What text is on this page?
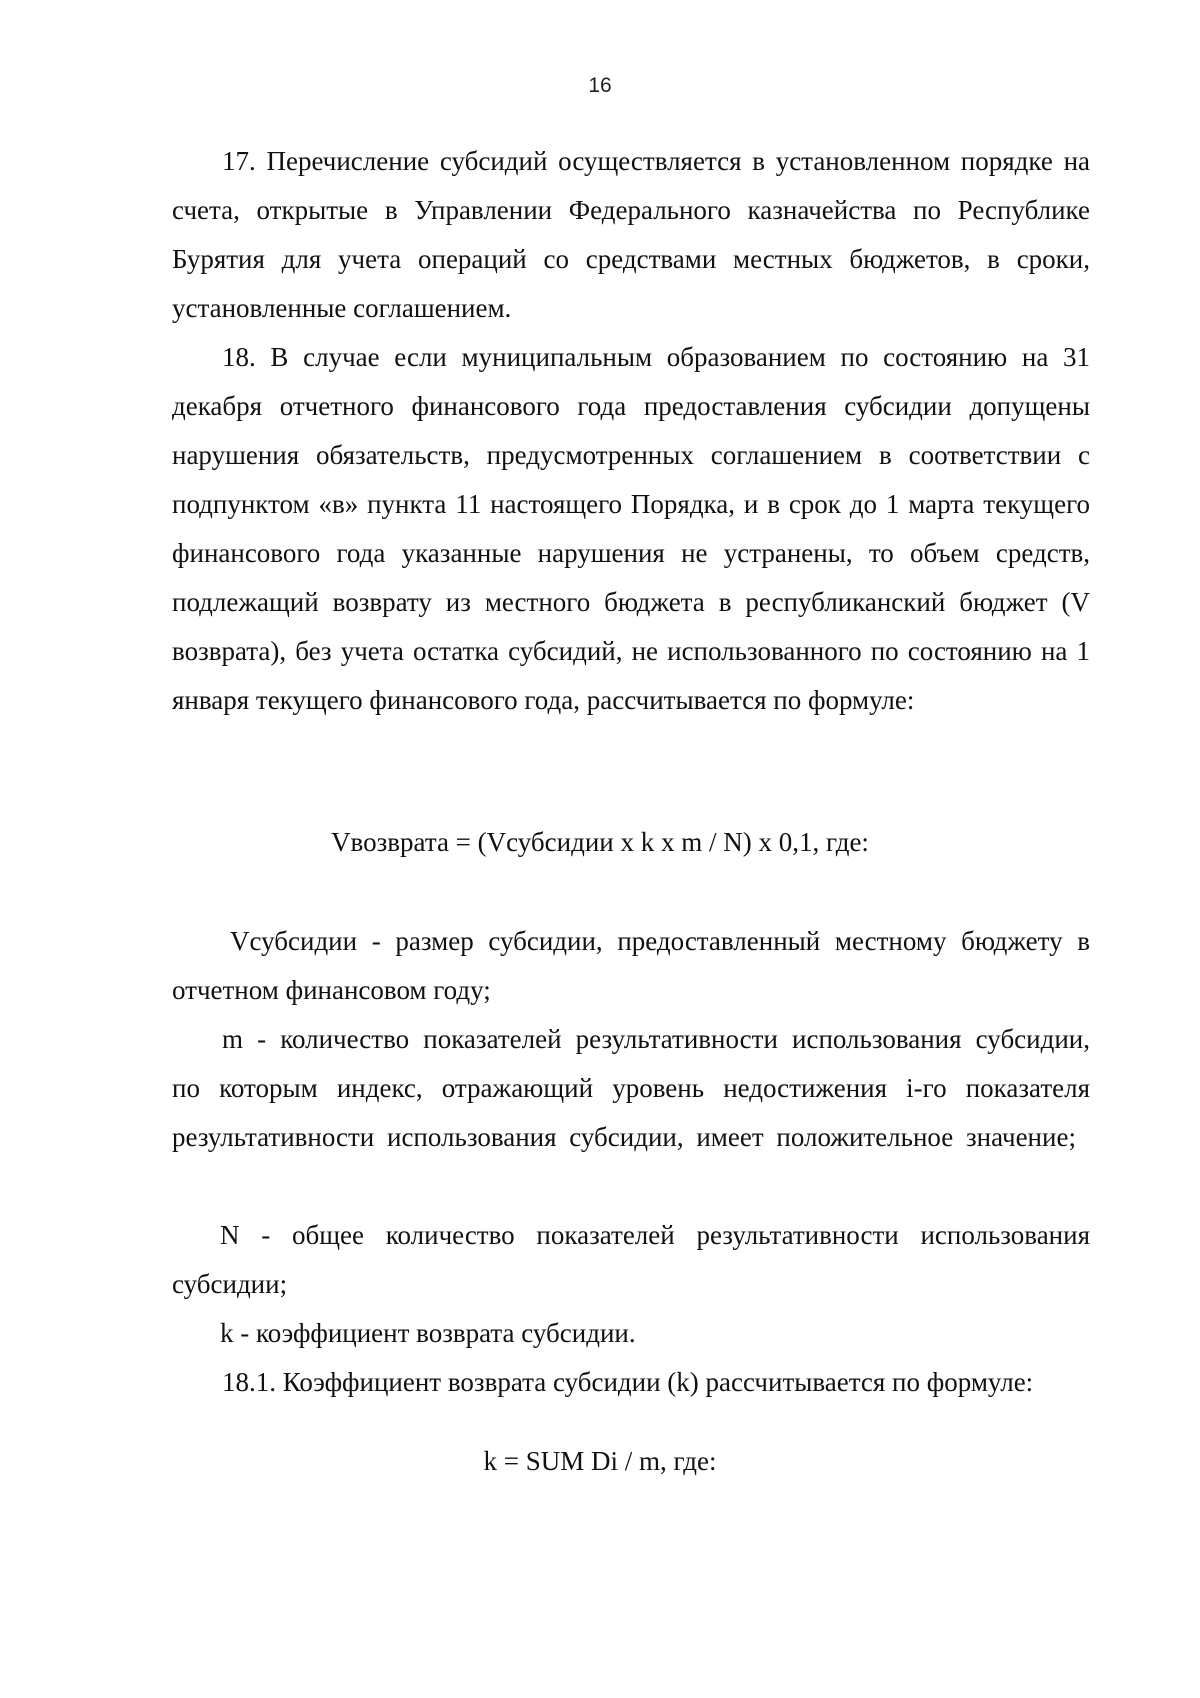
16

17. Перечисление субсидий осуществляется в установленном порядке на счета, открытые в Управлении Федерального казначейства по Республике Бурятия для учета операций со средствами местных бюджетов, в сроки, установленные соглашением.

18. В случае если муниципальным образованием по состоянию на 31 декабря отчетного финансового года предоставления субсидии допущены нарушения обязательств, предусмотренных соглашением в соответствии с подпунктом «в» пункта 11 настоящего Порядка, и в срок до 1 марта текущего финансового года указанные нарушения не устранены, то объем средств, подлежащий возврату из местного бюджета в республиканский бюджет (V возврата), без учета остатка субсидий, не использованного по состоянию на 1 января текущего финансового года, рассчитывается по формуле:

Vвозврата = (Vсубсидии x k x m / N) x 0,1, где:

Vсубсидии - размер субсидии, предоставленный местному бюджету в отчетном финансовом году;

m - количество показателей результативности использования субсидии, по которым индекс, отражающий уровень недостижения i-го показателя результативности использования субсидии, имеет положительное значение;

N - общее количество показателей результативности использования субсидии;

k - коэффициент возврата субсидии.

18.1. Коэффициент возврата субсидии (k) рассчитывается по формуле:

k = SUM Di / m, где:
